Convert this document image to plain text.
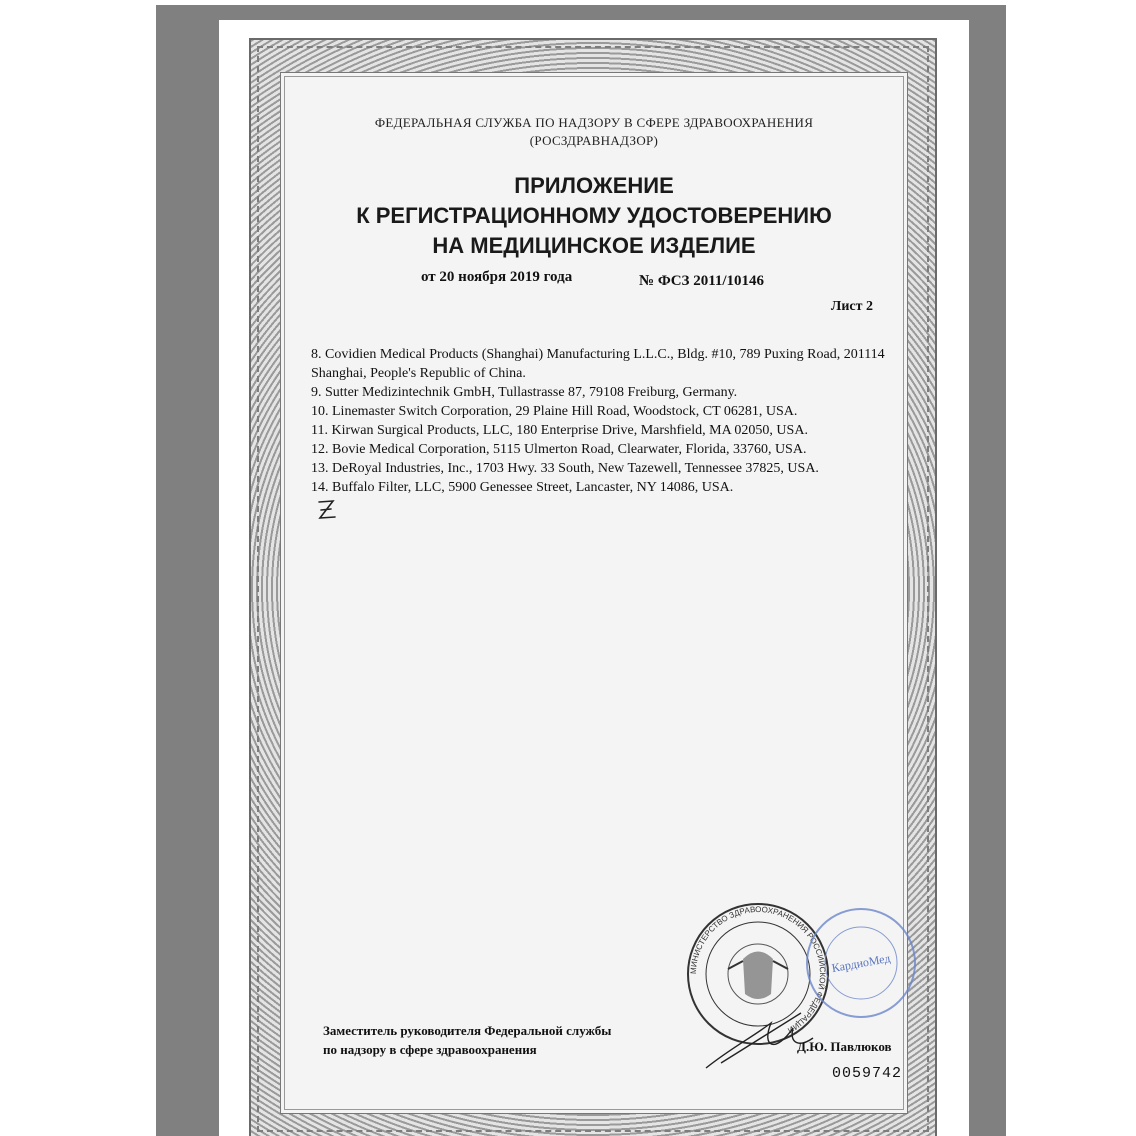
ФЕДЕРАЛЬНАЯ СЛУЖБА ПО НАДЗОРУ В СФЕРЕ ЗДРАВООХРАНЕНИЯ
(РОСЗДРАВНАДЗОР)
ПРИЛОЖЕНИЕ
К РЕГИСТРАЦИОННОМУ УДОСТОВЕРЕНИЮ
НА МЕДИЦИНСКОЕ ИЗДЕЛИЕ
от 20 ноября 2019 года	№ ФСЗ 2011/10146
Лист 2
8. Covidien Medical Products (Shanghai) Manufacturing L.L.C., Bldg. #10, 789 Puxing Road, 201114 Shanghai, People's Republic of China.
9. Sutter Medizintechnik GmbH, Tullastrasse 87, 79108 Freiburg, Germany.
10. Linemaster Switch Corporation, 29 Plaine Hill Road, Woodstock, CT 06281, USA.
11. Kirwan Surgical Products, LLC, 180 Enterprise Drive, Marshfield, MA 02050, USA.
12. Bovie Medical Corporation, 5115 Ulmerton Road, Clearwater, Florida, 33760, USA.
13. DeRoyal Industries, Inc., 1703 Hwy. 33 South, New Tazewell, Tennessee 37825, USA.
14. Buffalo Filter, LLC, 5900 Genessee Street, Lancaster, NY 14086, USA.
МИНИСТЕРСТВО ЗДРАВООХРАНЕНИЯ РОССИЙСКОЙ ФЕДЕРАЦИИ
КардиоМед
Заместитель руководителя Федеральной службы
по надзору в сфере здравоохранения	Д.Ю. Павлюков
0059742
